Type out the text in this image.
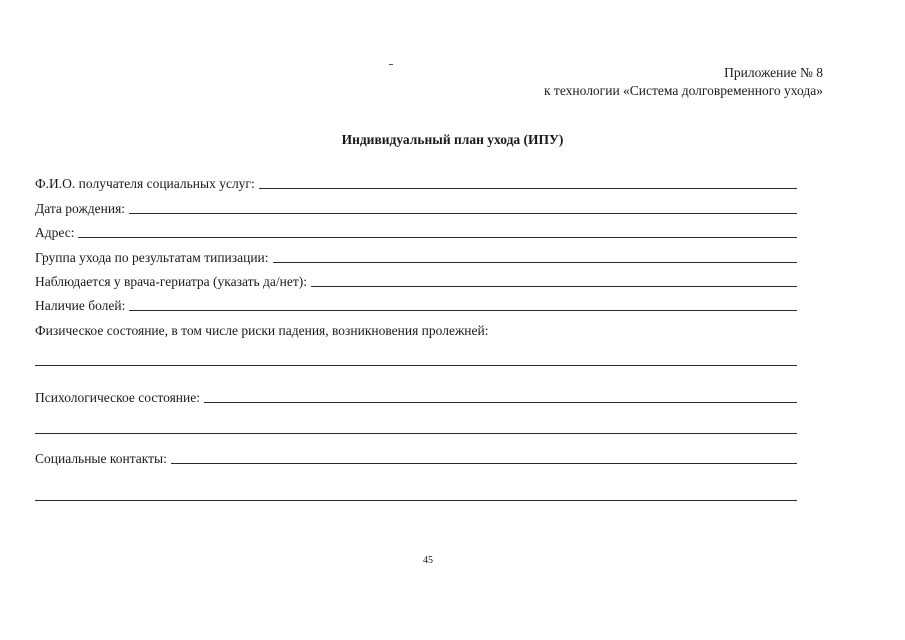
Приложение № 8
к технологии «Система долговременного ухода»
Индивидуальный план ухода (ИПУ)
Ф.И.О. получателя социальных услуг:
Дата рождения:
Адрес:
Группа ухода по результатам типизации:
Наблюдается у врача-гериатра (указать да/нет):
Наличие болей:
Физическое состояние, в том числе риски падения, возникновения пролежней:
Психологическое состояние:
Социальные контакты:
45
